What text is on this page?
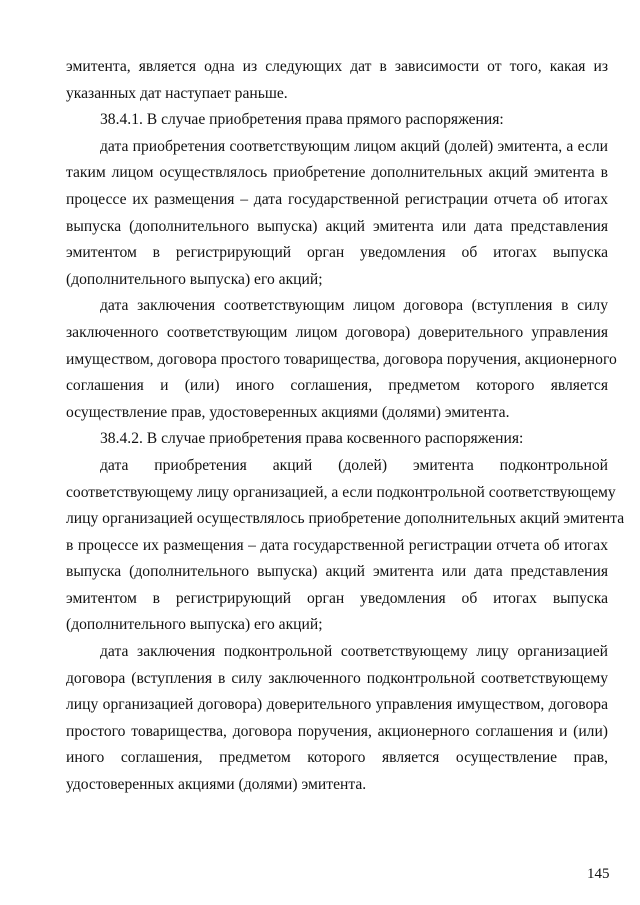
эмитента, является одна из следующих дат в зависимости от того, какая из
указанных дат наступает раньше.
38.4.1. В случае приобретения права прямого распоряжения:
дата приобретения соответствующим лицом акций (долей) эмитента, а если
таким лицом осуществлялось приобретение дополнительных акций эмитента в
процессе их размещения – дата государственной регистрации отчета об итогах
выпуска (дополнительного выпуска) акций эмитента или дата представления
эмитентом в регистрирующий орган уведомления об итогах выпуска
(дополнительного выпуска) его акций;
дата заключения соответствующим лицом договора (вступления в силу
заключенного соответствующим лицом договора) доверительного управления
имуществом, договора простого товарищества, договора поручения, акционерного
соглашения и (или) иного соглашения, предметом которого является
осуществление прав, удостоверенных акциями (долями) эмитента.
38.4.2. В случае приобретения права косвенного распоряжения:
дата приобретения акций (долей) эмитента подконтрольной
соответствующему лицу организацией, а если подконтрольной соответствующему
лицу организацией осуществлялось приобретение дополнительных акций эмитента
в процессе их размещения – дата государственной регистрации отчета об итогах
выпуска (дополнительного выпуска) акций эмитента или дата представления
эмитентом в регистрирующий орган уведомления об итогах выпуска
(дополнительного выпуска) его акций;
дата заключения подконтрольной соответствующему лицу организацией
договора (вступления в силу заключенного подконтрольной соответствующему
лицу организацией договора) доверительного управления имуществом, договора
простого товарищества, договора поручения, акционерного соглашения и (или)
иного соглашения, предметом которого является осуществление прав,
удостоверенных акциями (долями) эмитента.
145
